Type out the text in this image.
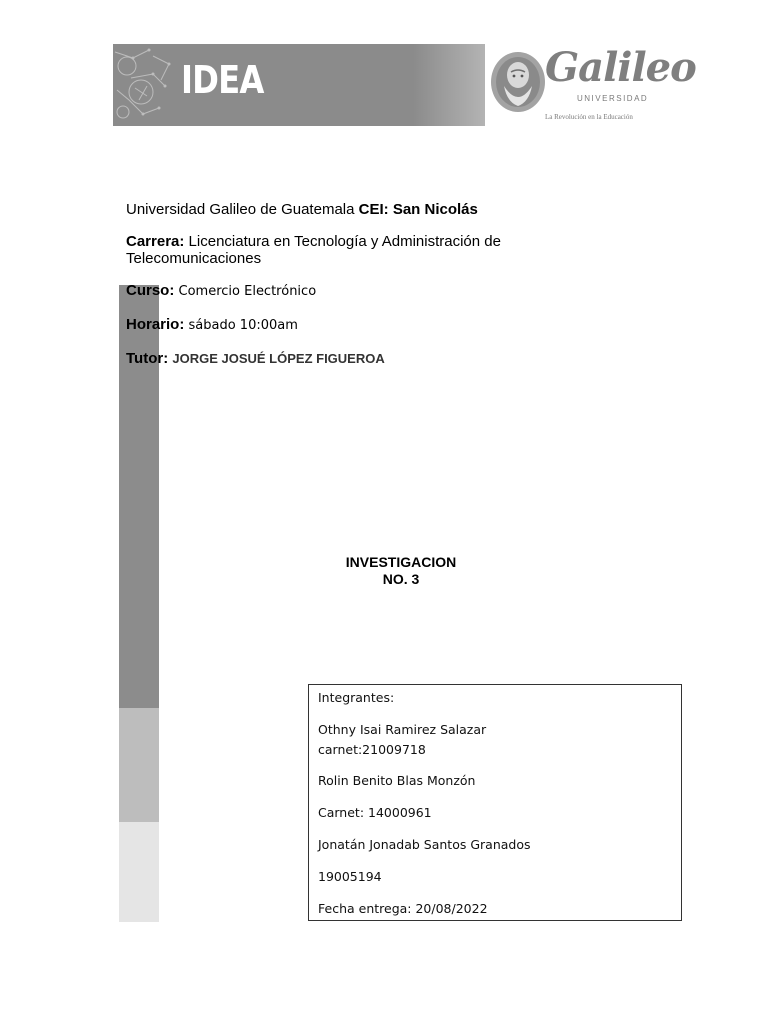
IDEA	Galileo

UNIVERSIDAD

La Revolución en la Educación

Universidad Galileo de Guatemala CEI: San Nicolás

Carrera: Licenciatura en Tecnología y Administración de
Telecomunicaciones

Curso: Comercio Electrónico

Horario: sábado 10:00am

Tutor: JORGE JOSUÉ LÓPEZ FIGUEROA

INVESTIGACION

NO. 3

Integrantes:

Othny Isai Ramirez Salazar

carnet:21009718

Rolin Benito Blas Monzón

Carnet: 14000961

Jonatán Jonadab Santos Granados

19005194

Fecha entrega: 20/08/2022
